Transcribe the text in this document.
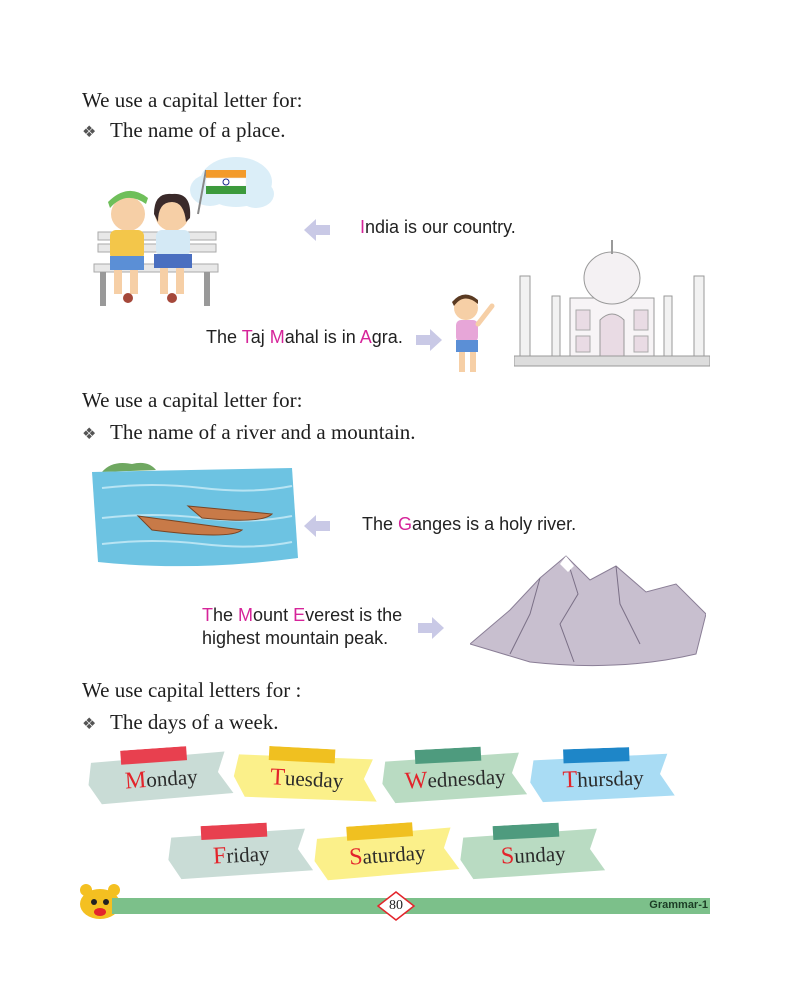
We use a capital letter for:
❖ The name of a place.
India is our country.
The Taj Mahal is in Agra.
We use a capital letter for:
❖ The name of a river and a mountain.
The Ganges is a holy river.
The Mount Everest is the
highest mountain peak.
We use capital letters for :
❖ The days of a week.
Monday	Tuesday	Wednesday	Thursday
Friday	Saturday	Sunday
80	Grammar-1
